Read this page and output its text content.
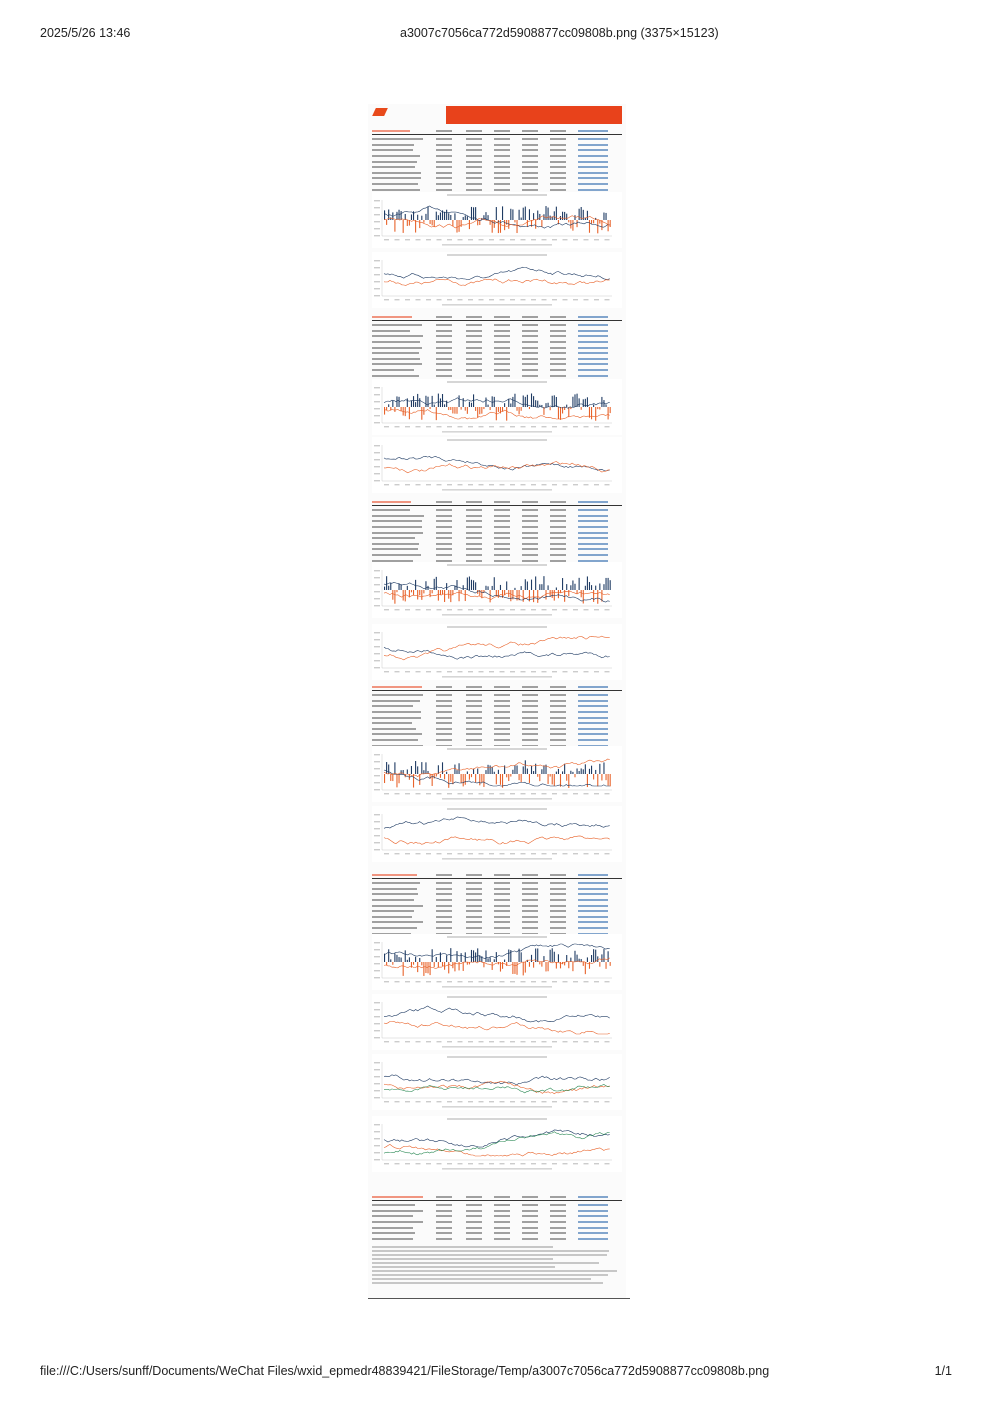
2025/5/26 13:46	a3007c7056ca772d5908877cc09808b.png (3375×15123)
file:///C:/Users/sunff/Documents/WeChat Files/wxid_epmedr48839421/FileStorage/Temp/a3007c7056ca772d5908877cc09808b.png	1/1
